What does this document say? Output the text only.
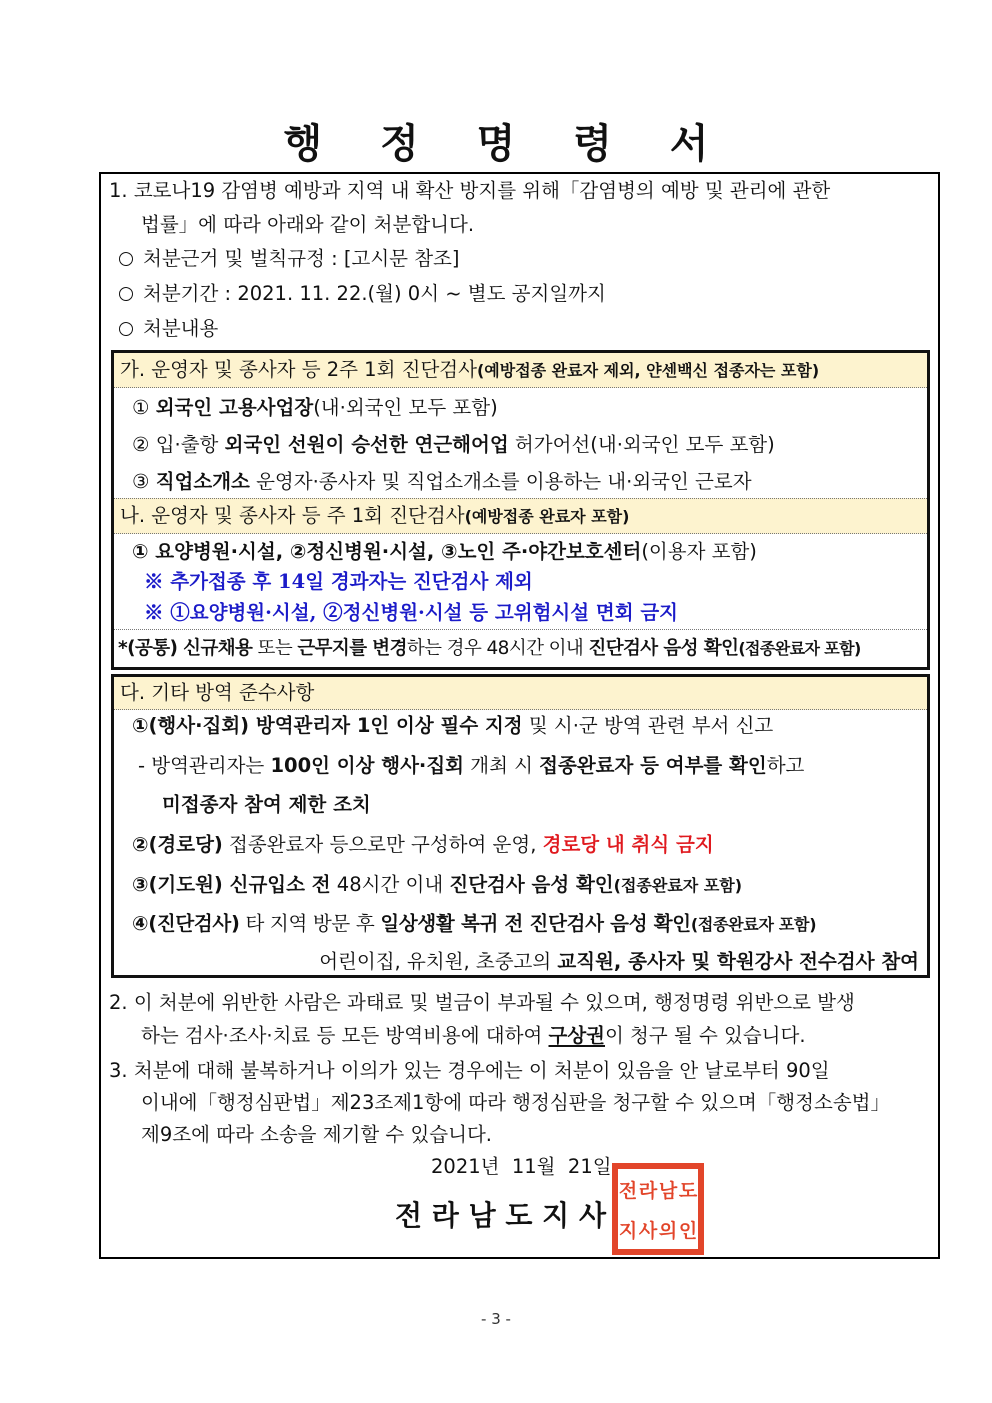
행 정 명 령 서
1. 코로나19 감염병 예방과 지역 내 확산 방지를 위해「감염병의 예방 및 관리에 관한
법률」에 따라 아래와 같이 처분합니다.
처분근거 및 벌칙규정 : [고시문 참조]
처분기간 : 2021. 11. 22.(월) 0시 ~ 별도 공지일까지
처분내용
가. 운영자 및 종사자 등 2주 1회 진단검사(예방접종 완료자 제외, 얀센백신 접종자는 포함)
① 외국인 고용사업장(내·외국인 모두 포함)
② 입·출항 외국인 선원이 승선한 연근해어업 허가어선(내·외국인 모두 포함)
③ 직업소개소 운영자·종사자 및 직업소개소를 이용하는 내·외국인 근로자
나. 운영자 및 종사자 등 주 1회 진단검사(예방접종 완료자 포함)
① 요양병원·시설, ②정신병원·시설, ③노인 주·야간보호센터(이용자 포함)
※ 추가접종 후 14일 경과자는 진단검사 제외
※ ①요양병원·시설, ②정신병원·시설 등 고위험시설 면회 금지
*(공통) 신규채용 또는 근무지를 변경하는 경우 48시간 이내 진단검사 음성 확인(접종완료자 포함)
다. 기타 방역 준수사항
①(행사·집회) 방역관리자 1인 이상 필수 지정 및 시·군 방역 관련 부서 신고
- 방역관리자는 100인 이상 행사·집회 개최 시 접종완료자 등 여부를 확인하고
미접종자 참여 제한 조치
②(경로당) 접종완료자 등으로만 구성하여 운영, 경로당 내 취식 금지
③(기도원) 신규입소 전 48시간 이내 진단검사 음성 확인(접종완료자 포함)
④(진단검사) 타 지역 방문 후 일상생활 복귀 전 진단검사 음성 확인(접종완료자 포함)
어린이집, 유치원, 초중고의 교직원, 종사자 및 학원강사 전수검사 참여
2. 이 처분에 위반한 사람은 과태료 및 벌금이 부과될 수 있으며, 행정명령 위반으로 발생
하는 검사·조사·치료 등 모든 방역비용에 대하여 구상권이 청구 될 수 있습니다.
3. 처분에 대해 불복하거나 이의가 있는 경우에는 이 처분이 있음을 안 날로부터 90일
이내에「행정심판법」제23조제1항에 따라 행정심판을 청구할 수 있으며「행정소송법」
제9조에 따라 소송을 제기할 수 있습니다.
2021년  11월  21일
전 라 남 도 지 사
전 라 남 도
지 사 의 인
- 3 -
